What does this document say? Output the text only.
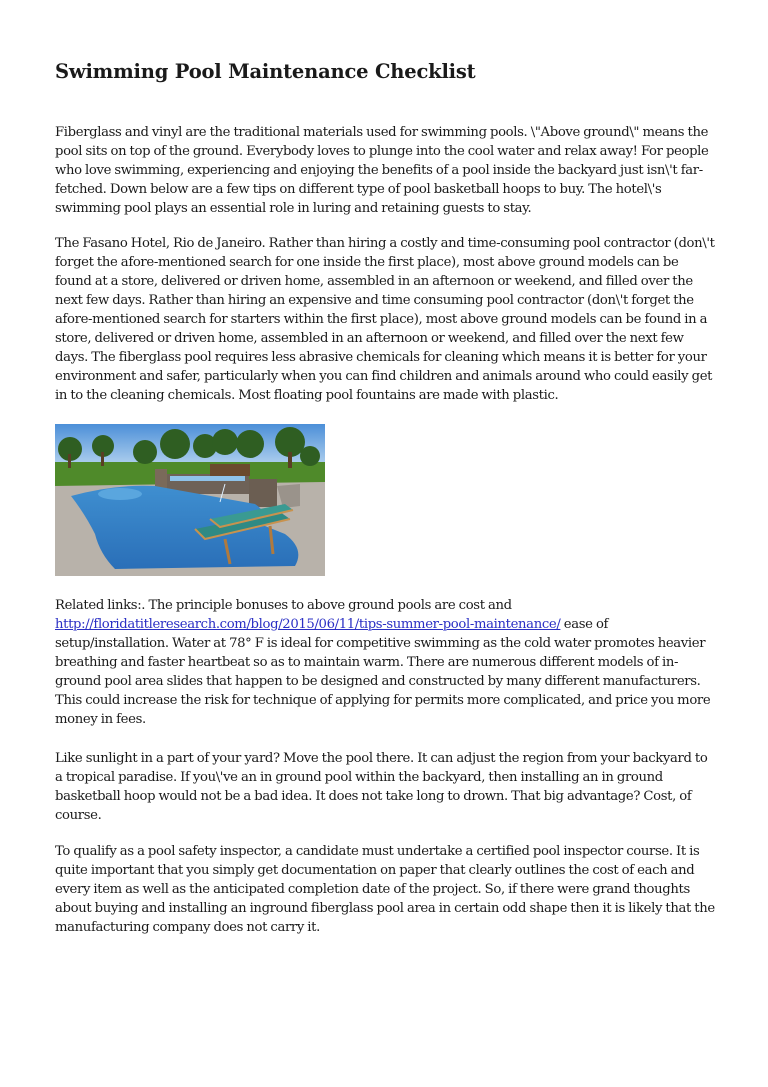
Swimming Pool Maintenance Checklist

Fiberglass and vinyl are the traditional materials used for swimming pools. \"Above ground\" means the pool sits on top of the ground. Everybody loves to plunge into the cool water and relax away! For people who love swimming, experiencing and enjoying the benefits of a pool inside the backyard just isn\'t far-fetched. Down below are a few tips on different type of pool basketball hoops to buy. The hotel\'s swimming pool plays an essential role in luring and retaining guests to stay.

The Fasano Hotel, Rio de Janeiro. Rather than hiring a costly and time-consuming pool contractor (don\'t forget the afore-mentioned search for one inside the first place), most above ground models can be found at a store, delivered or driven home, assembled in an afternoon or weekend, and filled over the next few days. Rather than hiring an expensive and time consuming pool contractor (don\'t forget the afore-mentioned search for starters within the first place), most above ground models can be found in a store, delivered or driven home, assembled in an afternoon or weekend, and filled over the next few days. The fiberglass pool requires less abrasive chemicals for cleaning which means it is better for your environment and safer, particularly when you can find children and animals around who could easily get in to the cleaning chemicals. Most floating pool fountains are made with plastic.

Related links:. The principle bonuses to above ground pools are cost and http://floridatitleresearch.com/blog/2015/06/11/tips-summer-pool-maintenance/ ease of setup/installation. Water at 78° F is ideal for competitive swimming as the cold water promotes heavier breathing and faster heartbeat so as to maintain warm. There are numerous different models of in-ground pool area slides that happen to be designed and constructed by many different manufacturers. This could increase the risk for technique of applying for permits more complicated, and price you more money in fees.

Like sunlight in a part of your yard? Move the pool there. It can adjust the region from your backyard to a tropical paradise. If you\'ve an in ground pool within the backyard, then installing an in ground basketball hoop would not be a bad idea. It does not take long to drown. That big advantage? Cost, of course.

To qualify as a pool safety inspector, a candidate must undertake a certified pool inspector course. It is quite important that you simply get documentation on paper that clearly outlines the cost of each and every item as well as the anticipated completion date of the project. So, if there were grand thoughts about buying and installing an inground fiberglass pool area in certain odd shape then it is likely that the manufacturing company does not carry it.
